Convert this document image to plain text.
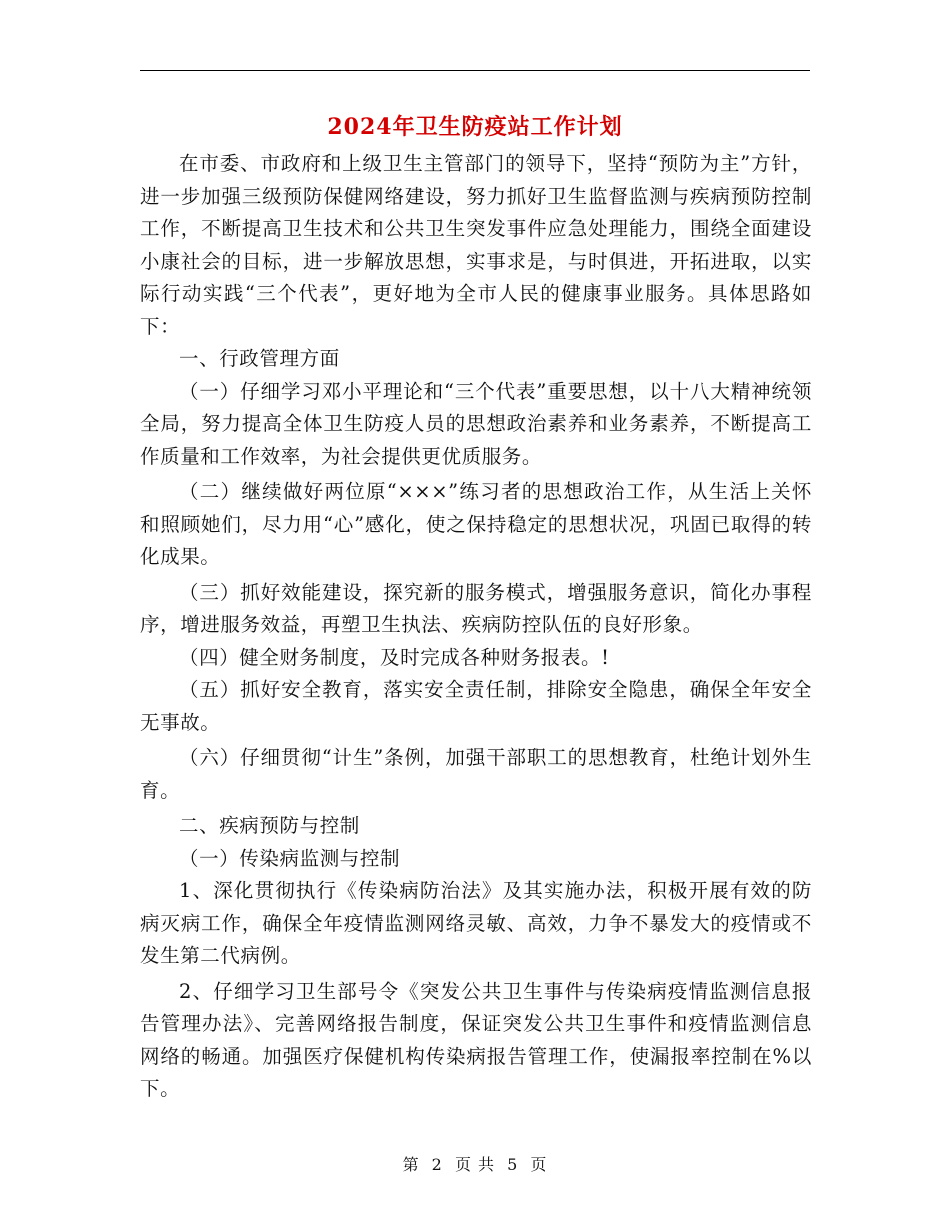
2024年卫生防疫站工作计划

在市委、市政府和上级卫生主管部门的领导下，坚持“预防为主”方针，进一步加强三级预防保健网络建设，努力抓好卫生监督监测与疾病预防控制工作，不断提高卫生技术和公共卫生突发事件应急处理能力，围绕全面建设小康社会的目标，进一步解放思想，实事求是，与时俱进，开拓进取，以实际行动实践“三个代表”，更好地为全市人民的健康事业服务。具体思路如下：

一、行政管理方面

（一）仔细学习邓小平理论和“三个代表”重要思想，以十八大精神统领全局，努力提高全体卫生防疫人员的思想政治素养和业务素养，不断提高工作质量和工作效率，为社会提供更优质服务。

（二）继续做好两位原“×××”练习者的思想政治工作，从生活上关怀和照顾她们，尽力用“心”感化，使之保持稳定的思想状况，巩固已取得的转化成果。

（三）抓好效能建设，探究新的服务模式，增强服务意识，简化办事程序，增进服务效益，再塑卫生执法、疾病防控队伍的良好形象。

（四）健全财务制度，及时完成各种财务报表。!

（五）抓好安全教育，落实安全责任制，排除安全隐患，确保全年安全无事故。

（六）仔细贯彻“计生”条例，加强干部职工的思想教育，杜绝计划外生育。

二、疾病预防与控制

（一）传染病监测与控制

1、深化贯彻执行《传染病防治法》及其实施办法，积极开展有效的防病灭病工作，确保全年疫情监测网络灵敏、高效，力争不暴发大的疫情或不发生第二代病例。

2、仔细学习卫生部号令《突发公共卫生事件与传染病疫情监测信息报告管理办法》、完善网络报告制度，保证突发公共卫生事件和疫情监测信息网络的畅通。加强医疗保健机构传染病报告管理工作，使漏报率控制在%以下。

第 2 页 共 5 页
